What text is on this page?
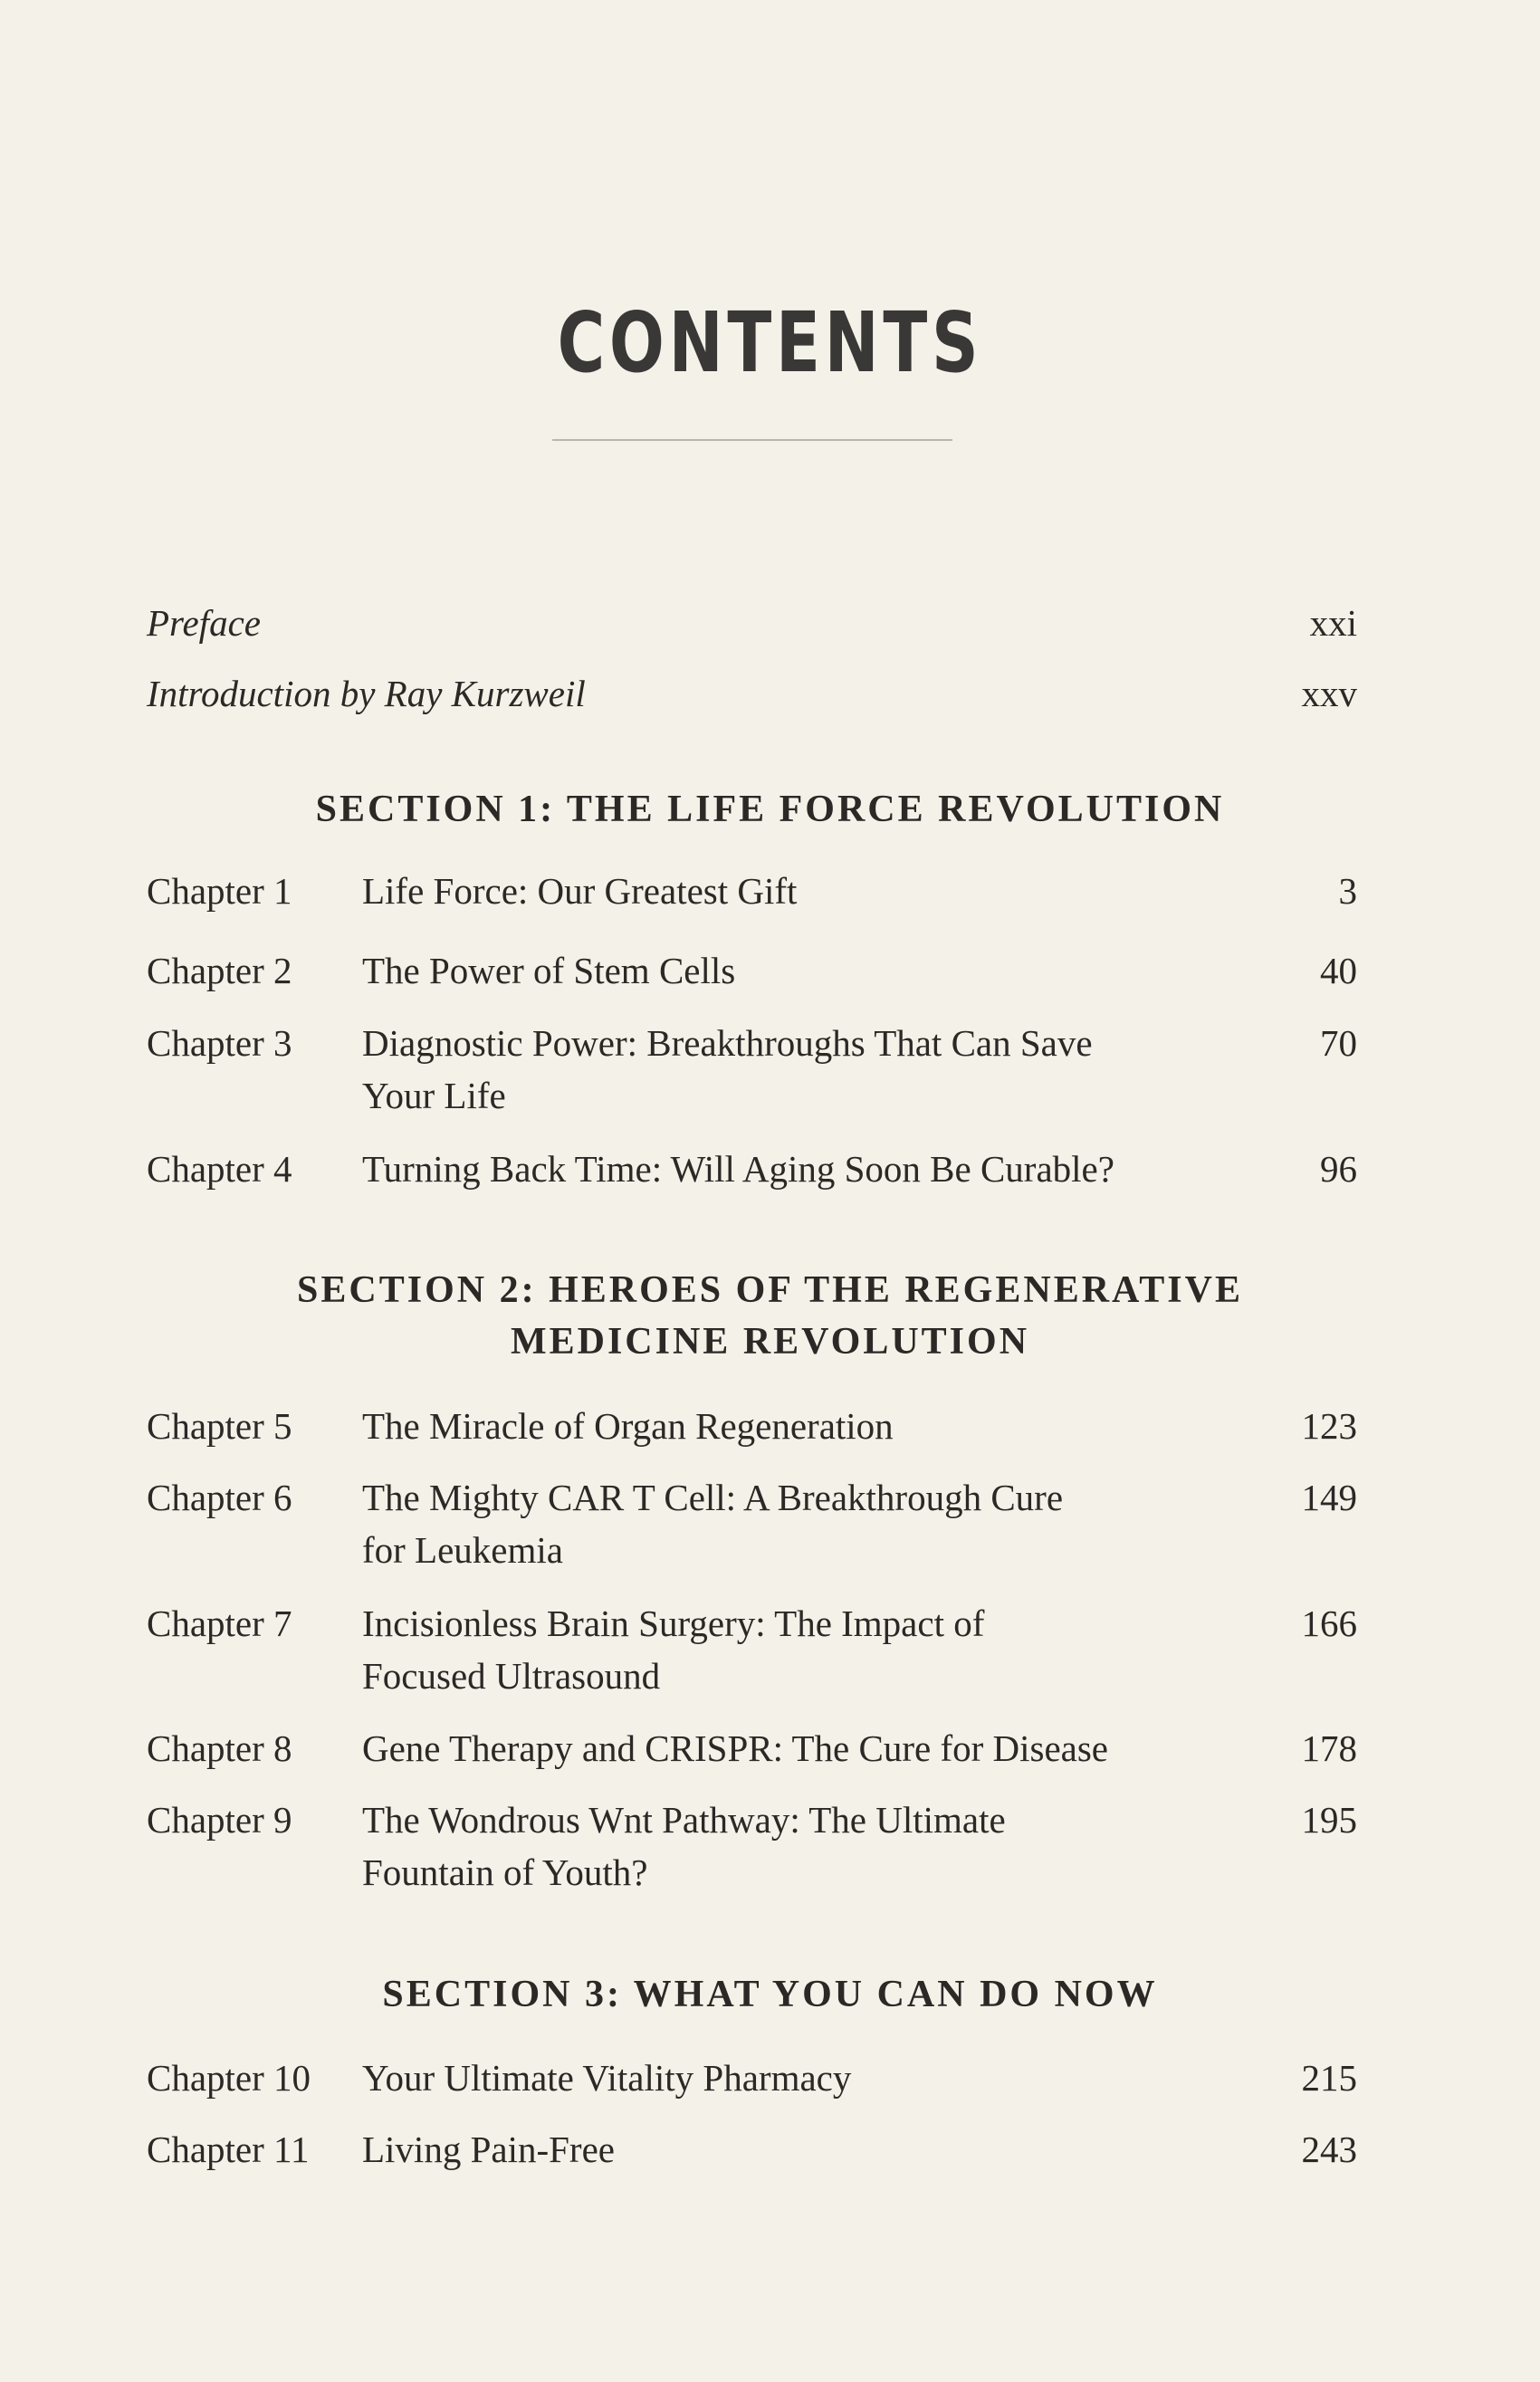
CONTENTS
Preface	xxi
Introduction by Ray Kurzweil	xxv
SECTION 1: THE LIFE FORCE REVOLUTION
Chapter 1 Life Force: Our Greatest Gift	3
Chapter 2 The Power of Stem Cells	40
Chapter 3 Diagnostic Power: Breakthroughs That Can Save	70
Your Life
Chapter 4 Turning Back Time: Will Aging Soon Be Curable?	96
SECTION 2: HEROES OF THE REGENERATIVE
MEDICINE REVOLUTION
Chapter 5 The Miracle of Organ Regeneration	123
Chapter 6 The Mighty CAR T Cell: A Breakthrough Cure	149
for Leukemia
Chapter 7 Incisionless Brain Surgery: The Impact of	166
Focused Ultrasound
Chapter 8 Gene Therapy and CRISPR: The Cure for Disease	178
Chapter 9 The Wondrous Wnt Pathway: The Ultimate	195
Fountain of Youth?
SECTION 3: WHAT YOU CAN DO NOW
Chapter 10 Your Ultimate Vitality Pharmacy	215
Chapter 11 Living Pain-Free	243
